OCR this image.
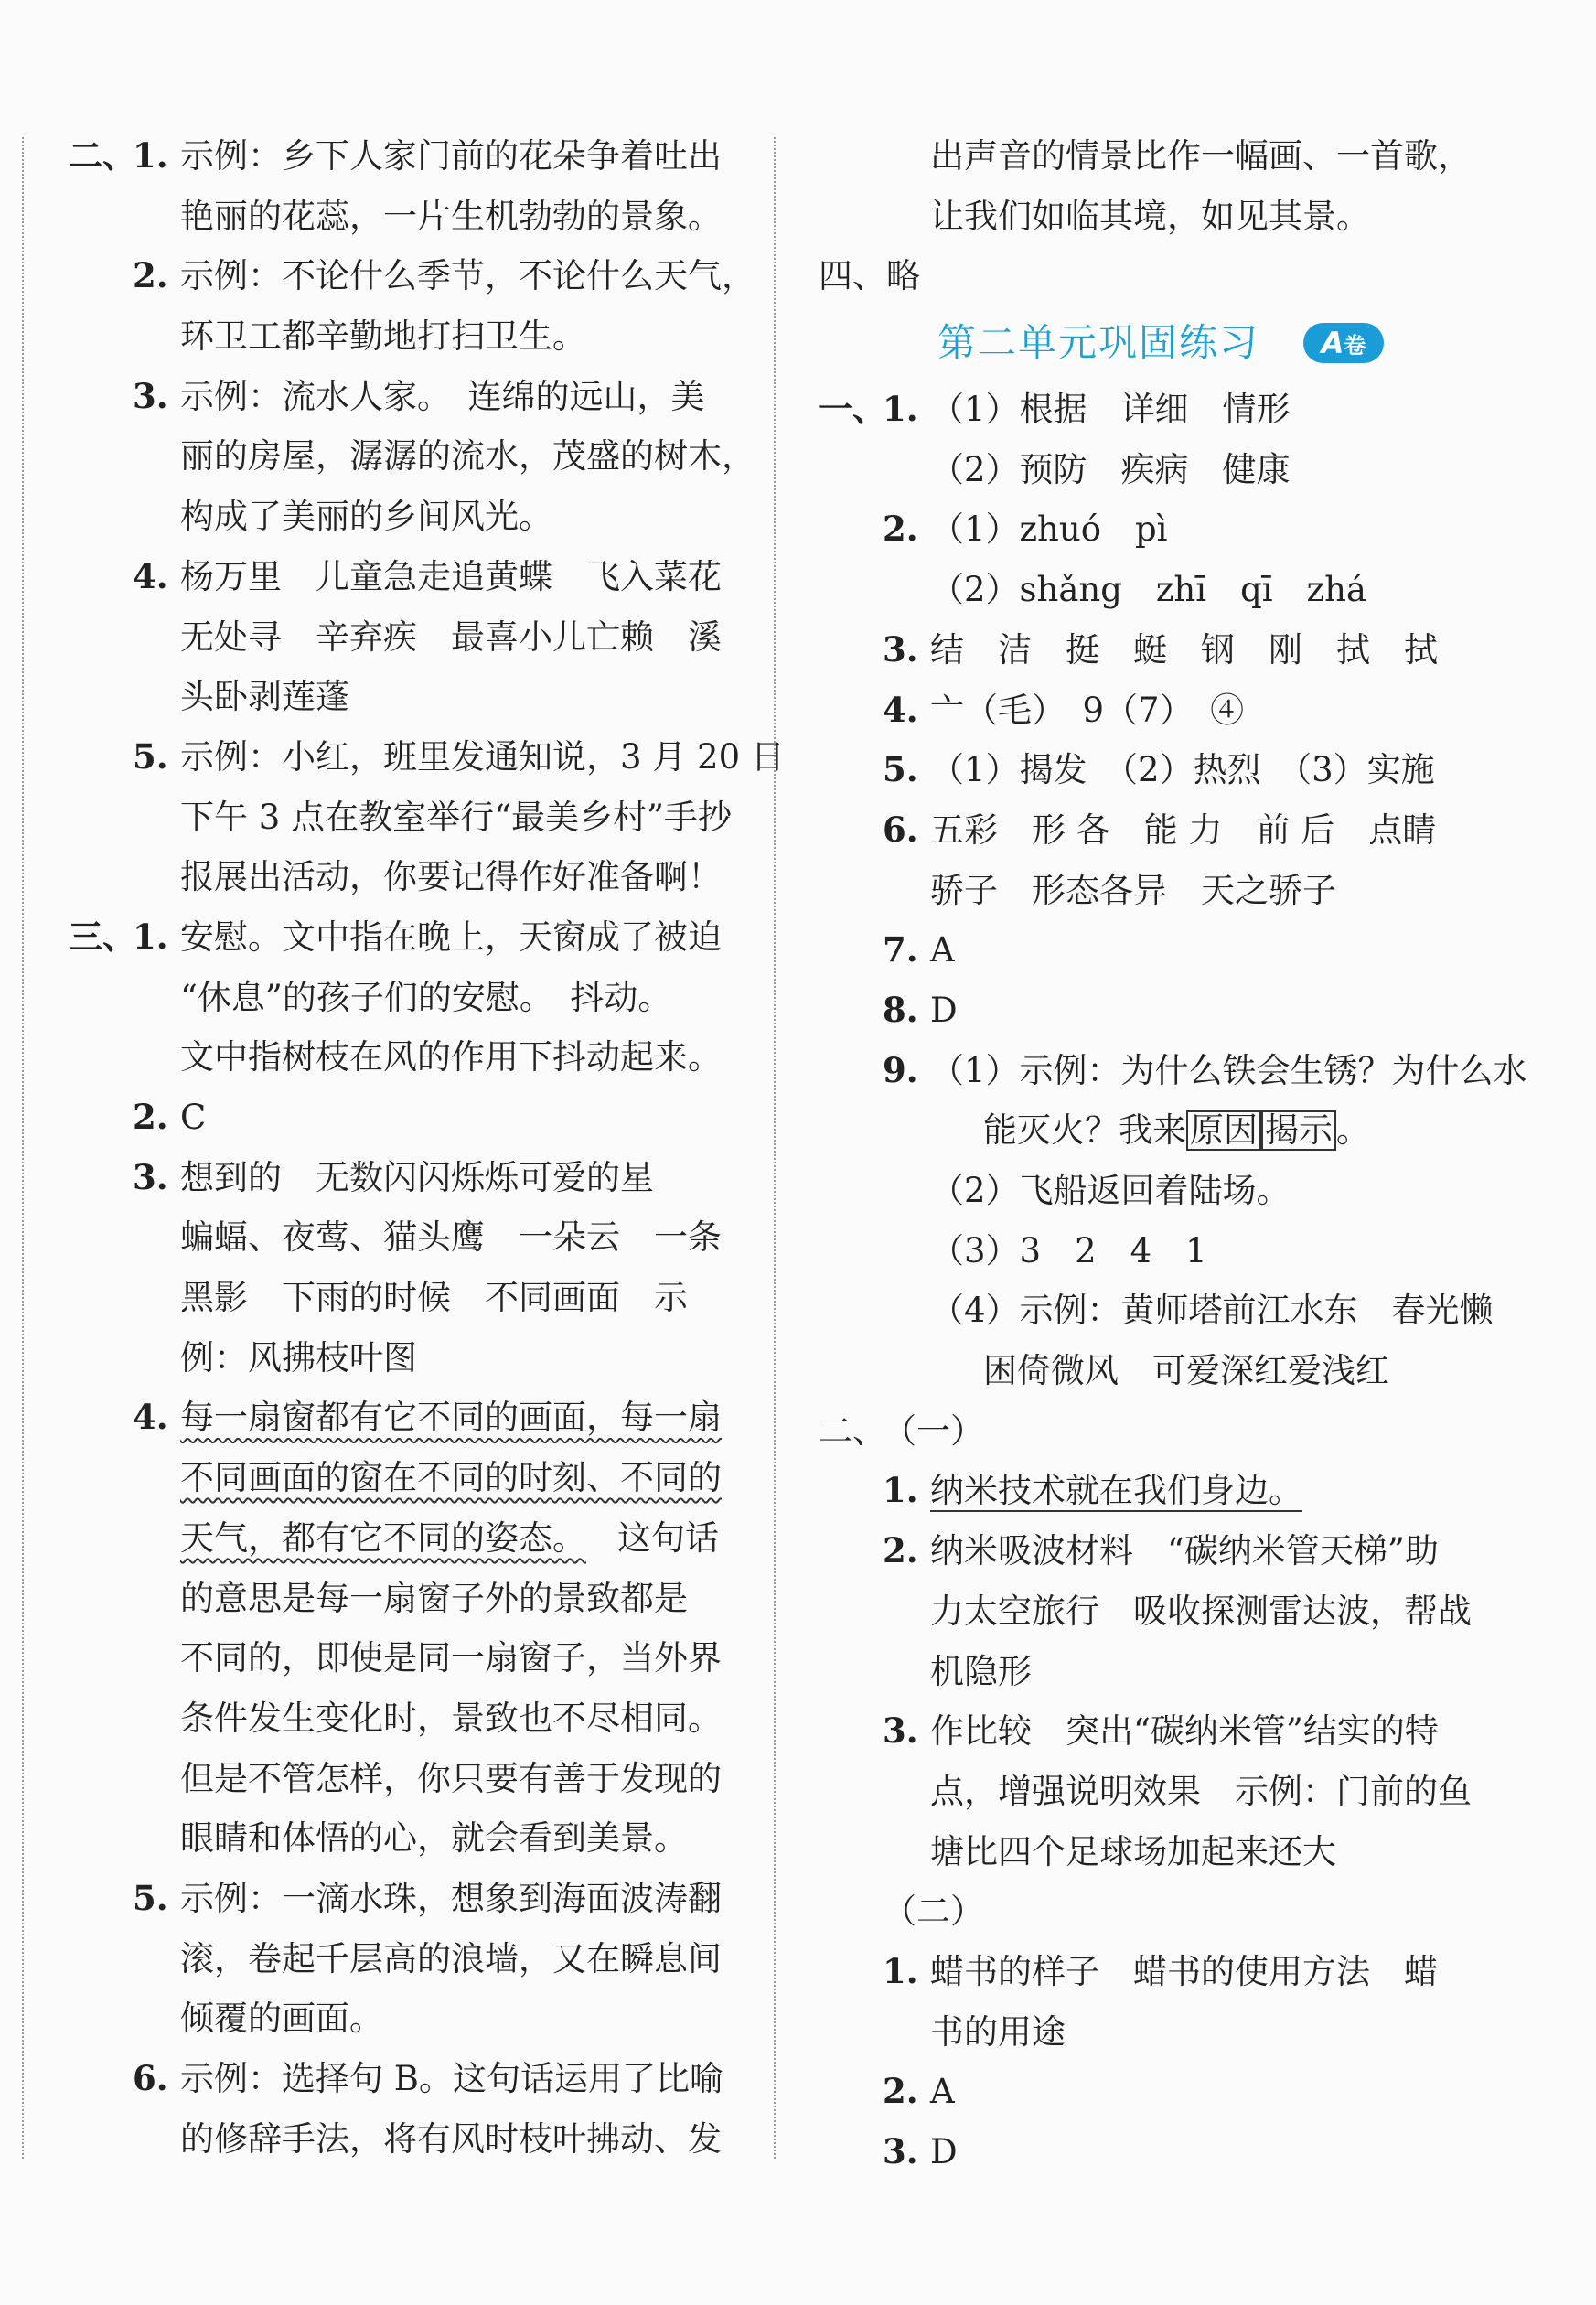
二、
1. 示例：乡下人家门前的花朵争着吐出
艳丽的花蕊，一片生机勃勃的景象。
2. 示例：不论什么季节，不论什么天气，
环卫工都辛勤地打扫卫生。
3. 示例：流水人家。　连绵的远山，美
丽的房屋，潺潺的流水，茂盛的树木，
构成了美丽的乡间风光。
4. 杨万里　儿童急走追黄蝶　飞入菜花
无处寻　辛弃疾　最喜小儿亡赖　溪
头卧剥莲蓬
5. 示例：小红，班里发通知说，3 月 20 日
下午 3 点在教室举行“最美乡村”手抄
报展出活动，你要记得作好准备啊！
三、
1. 安慰。文中指在晚上，天窗成了被迫
“休息”的孩子们的安慰。　抖动。
文中指树枝在风的作用下抖动起来。
2. C
3. 想到的　无数闪闪烁烁可爱的星
蝙蝠、夜莺、猫头鹰　一朵云　一条
黑影　下雨的时候　不同画面　示
例：风拂枝叶图
4. 每一扇窗都有它不同的画面，每一扇
不同画面的窗在不同的时刻、不同的
天气，都有它不同的姿态。 这句话
的意思是每一扇窗子外的景致都是
不同的，即使是同一扇窗子，当外界
条件发生变化时，景致也不尽相同。
但是不管怎样，你只要有善于发现的
眼睛和体悟的心，就会看到美景。
5. 示例：一滴水珠，想象到海面波涛翻
滚，卷起千层高的浪墙，又在瞬息间
倾覆的画面。
6. 示例：选择句 B。这句话运用了比喻
的修辞手法，将有风时枝叶拂动、发
出声音的情景比作一幅画、一首歌，
让我们如临其境，如见其景。
四、略
第二单元巩固练习	A卷
一、
1. （1）根据　详细　情形
（2）预防　疾病　健康
2. （1）zhuó　pì
（2）shǎng　zhī　qī　zhá
3. 结　洁　挺　蜓　钢　刚　拭　拭
4. 亠（毛）　9（7）　④
5. （1）揭发　（2）热烈　（3）实施
6. 五彩　形 各　能 力　前 后　点睛
骄子　形态各异　天之骄子
7. A
8. D
9. （1）示例：为什么铁会生锈？为什么水
能灭火？我来 原因 揭示 。
（2）飞船返回着陆场。
（3）3　2　4　1
（4）示例：黄师塔前江水东　春光懒
困倚微风　可爱深红爱浅红
二、
（一）
1. 纳米技术就在我们身边。
2. 纳米吸波材料　“碳纳米管天梯”助
力太空旅行　吸收探测雷达波，帮战
机隐形
3. 作比较　突出“碳纳米管”结实的特
点，增强说明效果　示例：门前的鱼
塘比四个足球场加起来还大
（二）
1. 蜡书的样子　蜡书的使用方法　蜡
书的用途
2. A
3. D
